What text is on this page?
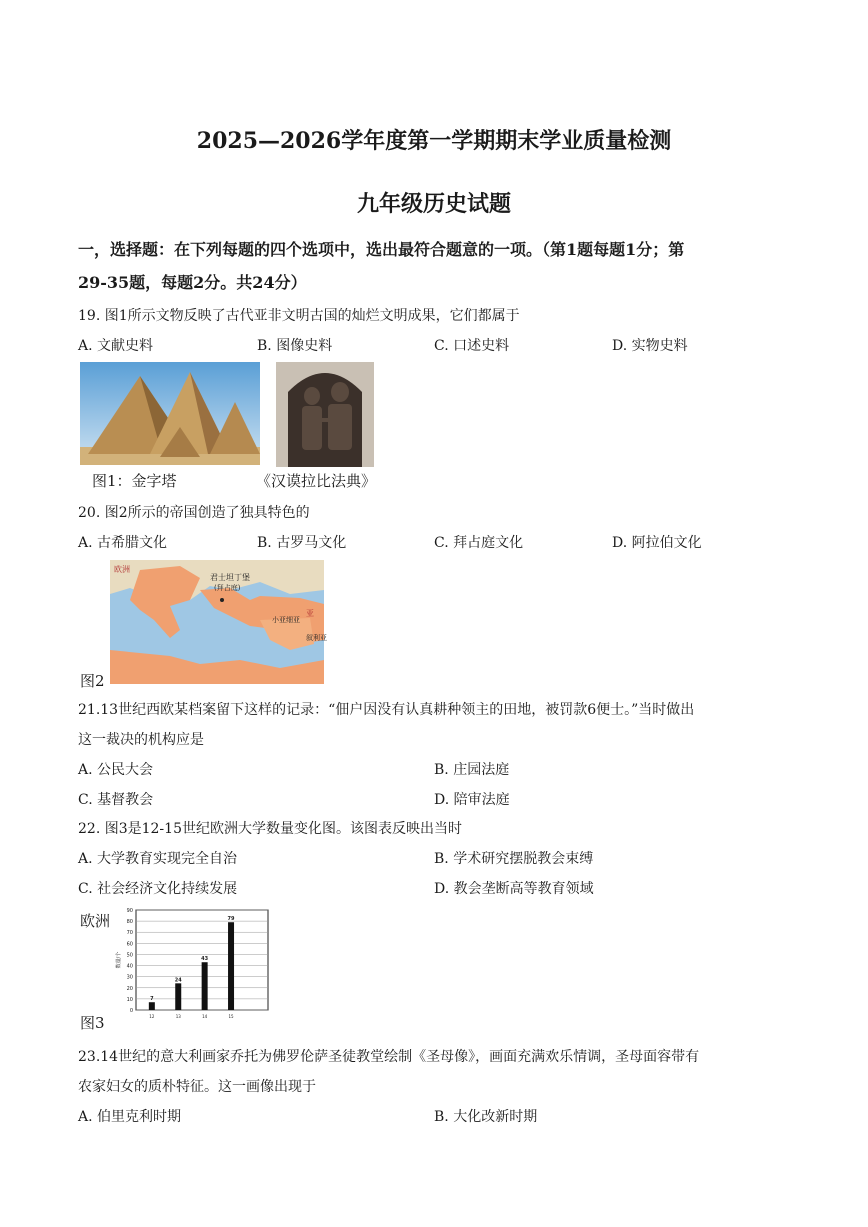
2025—2026学年度第一学期期末学业质量检测
九年级历史试题
一，选择题：在下列每题的四个选项中，选出最符合题意的一项。（第1题每题1分；第
29-35题，每题2分。共24分）
19. 图1所示文物反映了古代亚非文明古国的灿烂文明成果，它们都属于
A. 文献史料	B. 图像史料	C. 口述史料	D. 实物史料
图1：金字塔	《汉谟拉比法典》
20. 图2所示的帝国创造了独具特色的
A. 古希腊文化	B. 古罗马文化	C. 拜占庭文化	D. 阿拉伯文化
欧洲
君士坦丁堡
(拜占庭)
亚
小亚细亚
叙利亚
图2
21.13世纪西欧某档案留下这样的记录：“佃户因没有认真耕种领主的田地，被罚款6便士。”当时做出
这一裁决的机构应是
A. 公民大会	B. 庄园法庭
C. 基督教会	D. 陪审法庭
22. 图3是12-15世纪欧洲大学数量变化图。该图表反映出当时
A. 大学教育实现完全自治	B. 学术研究摆脱教会束缚
C. 社会经济文化持续发展	D. 教会垄断高等教育领域
欧洲
0
10
20
30
40
50
60
70
80
90
数量/个
7
12
24
13
43
14
79
15
图3
23.14世纪的意大利画家乔托为佛罗伦萨圣徒教堂绘制《圣母像》，画面充满欢乐情调，圣母面容带有
农家妇女的质朴特征。这一画像出现于
A. 伯里克利时期	B. 大化改新时期
